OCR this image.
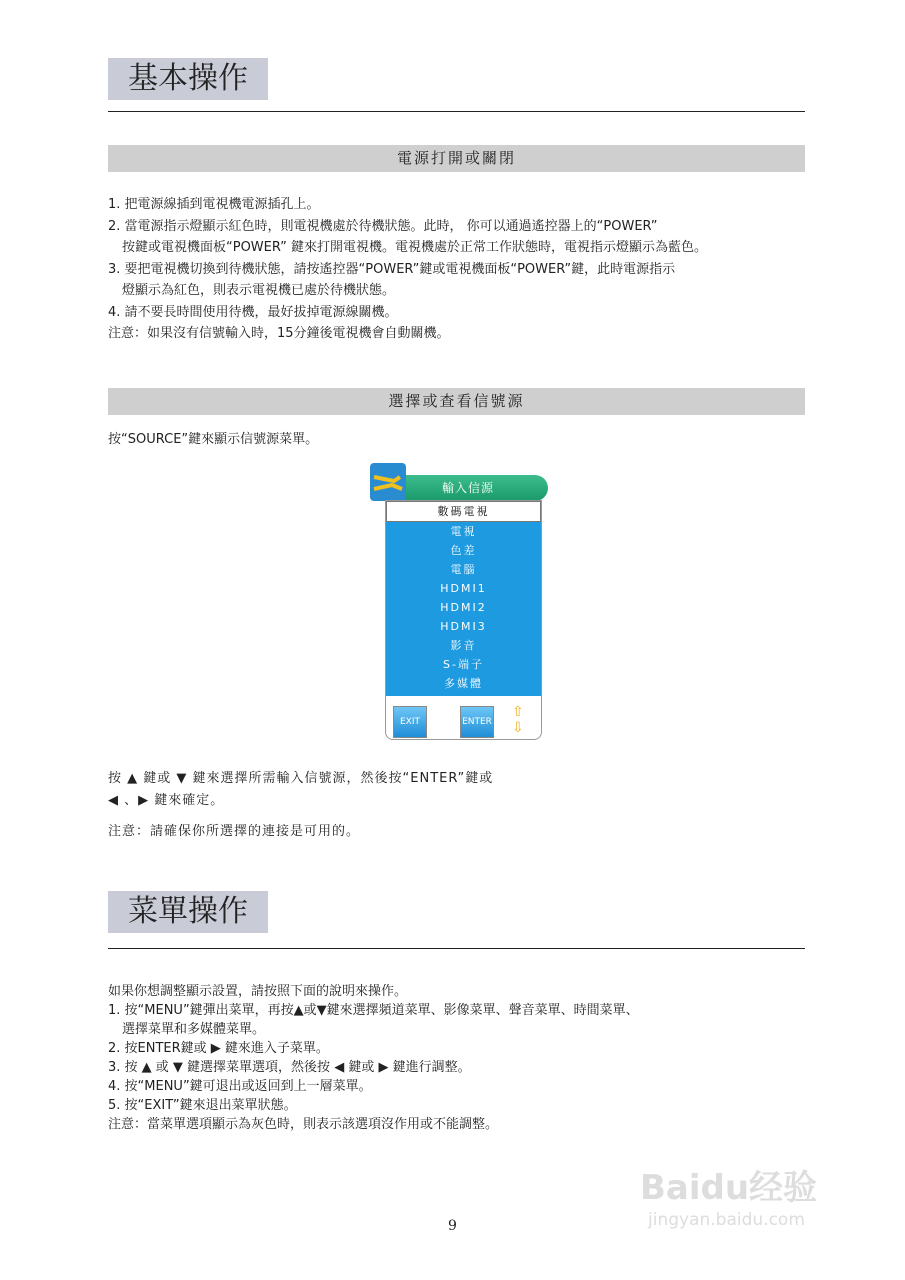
基本操作
電源打開或關閉
1. 把電源線插到電視機電源插孔上。
2. 當電源指示燈顯示紅色時，則電視機處於待機狀態。此時， 你可以通過遙控器上的“POWER”
按鍵或電視機面板“POWER” 鍵來打開電視機。電視機處於正常工作狀態時，電視指示燈顯示為藍色。
3. 要把電視機切換到待機狀態，請按遙控器“POWER”鍵或電視機面板“POWER”鍵，此時電源指示
燈顯示為紅色，則表示電視機已處於待機狀態。
4. 請不要長時間使用待機，最好拔掉電源線關機。
注意：如果沒有信號輸入時，15分鐘後電視機會自動關機。
選擇或查看信號源
按“SOURCE”鍵來顯示信號源菜單。
輸入信源
數碼電視
電視
色差
電腦
HDMI1
HDMI2
HDMI3
影音
S-端子
多媒體
EXIT	ENTER
⇧
⇩
按 ▲ 鍵或 ▼ 鍵來選擇所需輸入信號源，然後按“ENTER”鍵或
◀ 、▶ 鍵來確定。
注意：請確保你所選擇的連接是可用的。
菜單操作
如果你想調整顯示設置，請按照下面的說明來操作。
1. 按“MENU”鍵彈出菜單，再按▲或▼鍵來選擇頻道菜單、影像菜單、聲音菜單、時間菜單、
選擇菜單和多媒體菜單。
2. 按ENTER鍵或 ▶ 鍵來進入子菜單。
3. 按 ▲ 或 ▼ 鍵選擇菜單選項，然後按 ◀ 鍵或 ▶ 鍵進行調整。
4. 按“MENU”鍵可退出或返回到上一層菜單。
5. 按“EXIT”鍵來退出菜單狀態。
注意：當菜單選項顯示為灰色時，則表示該選項沒作用或不能調整。
Baidu经验
jingyan.baidu.com
9
